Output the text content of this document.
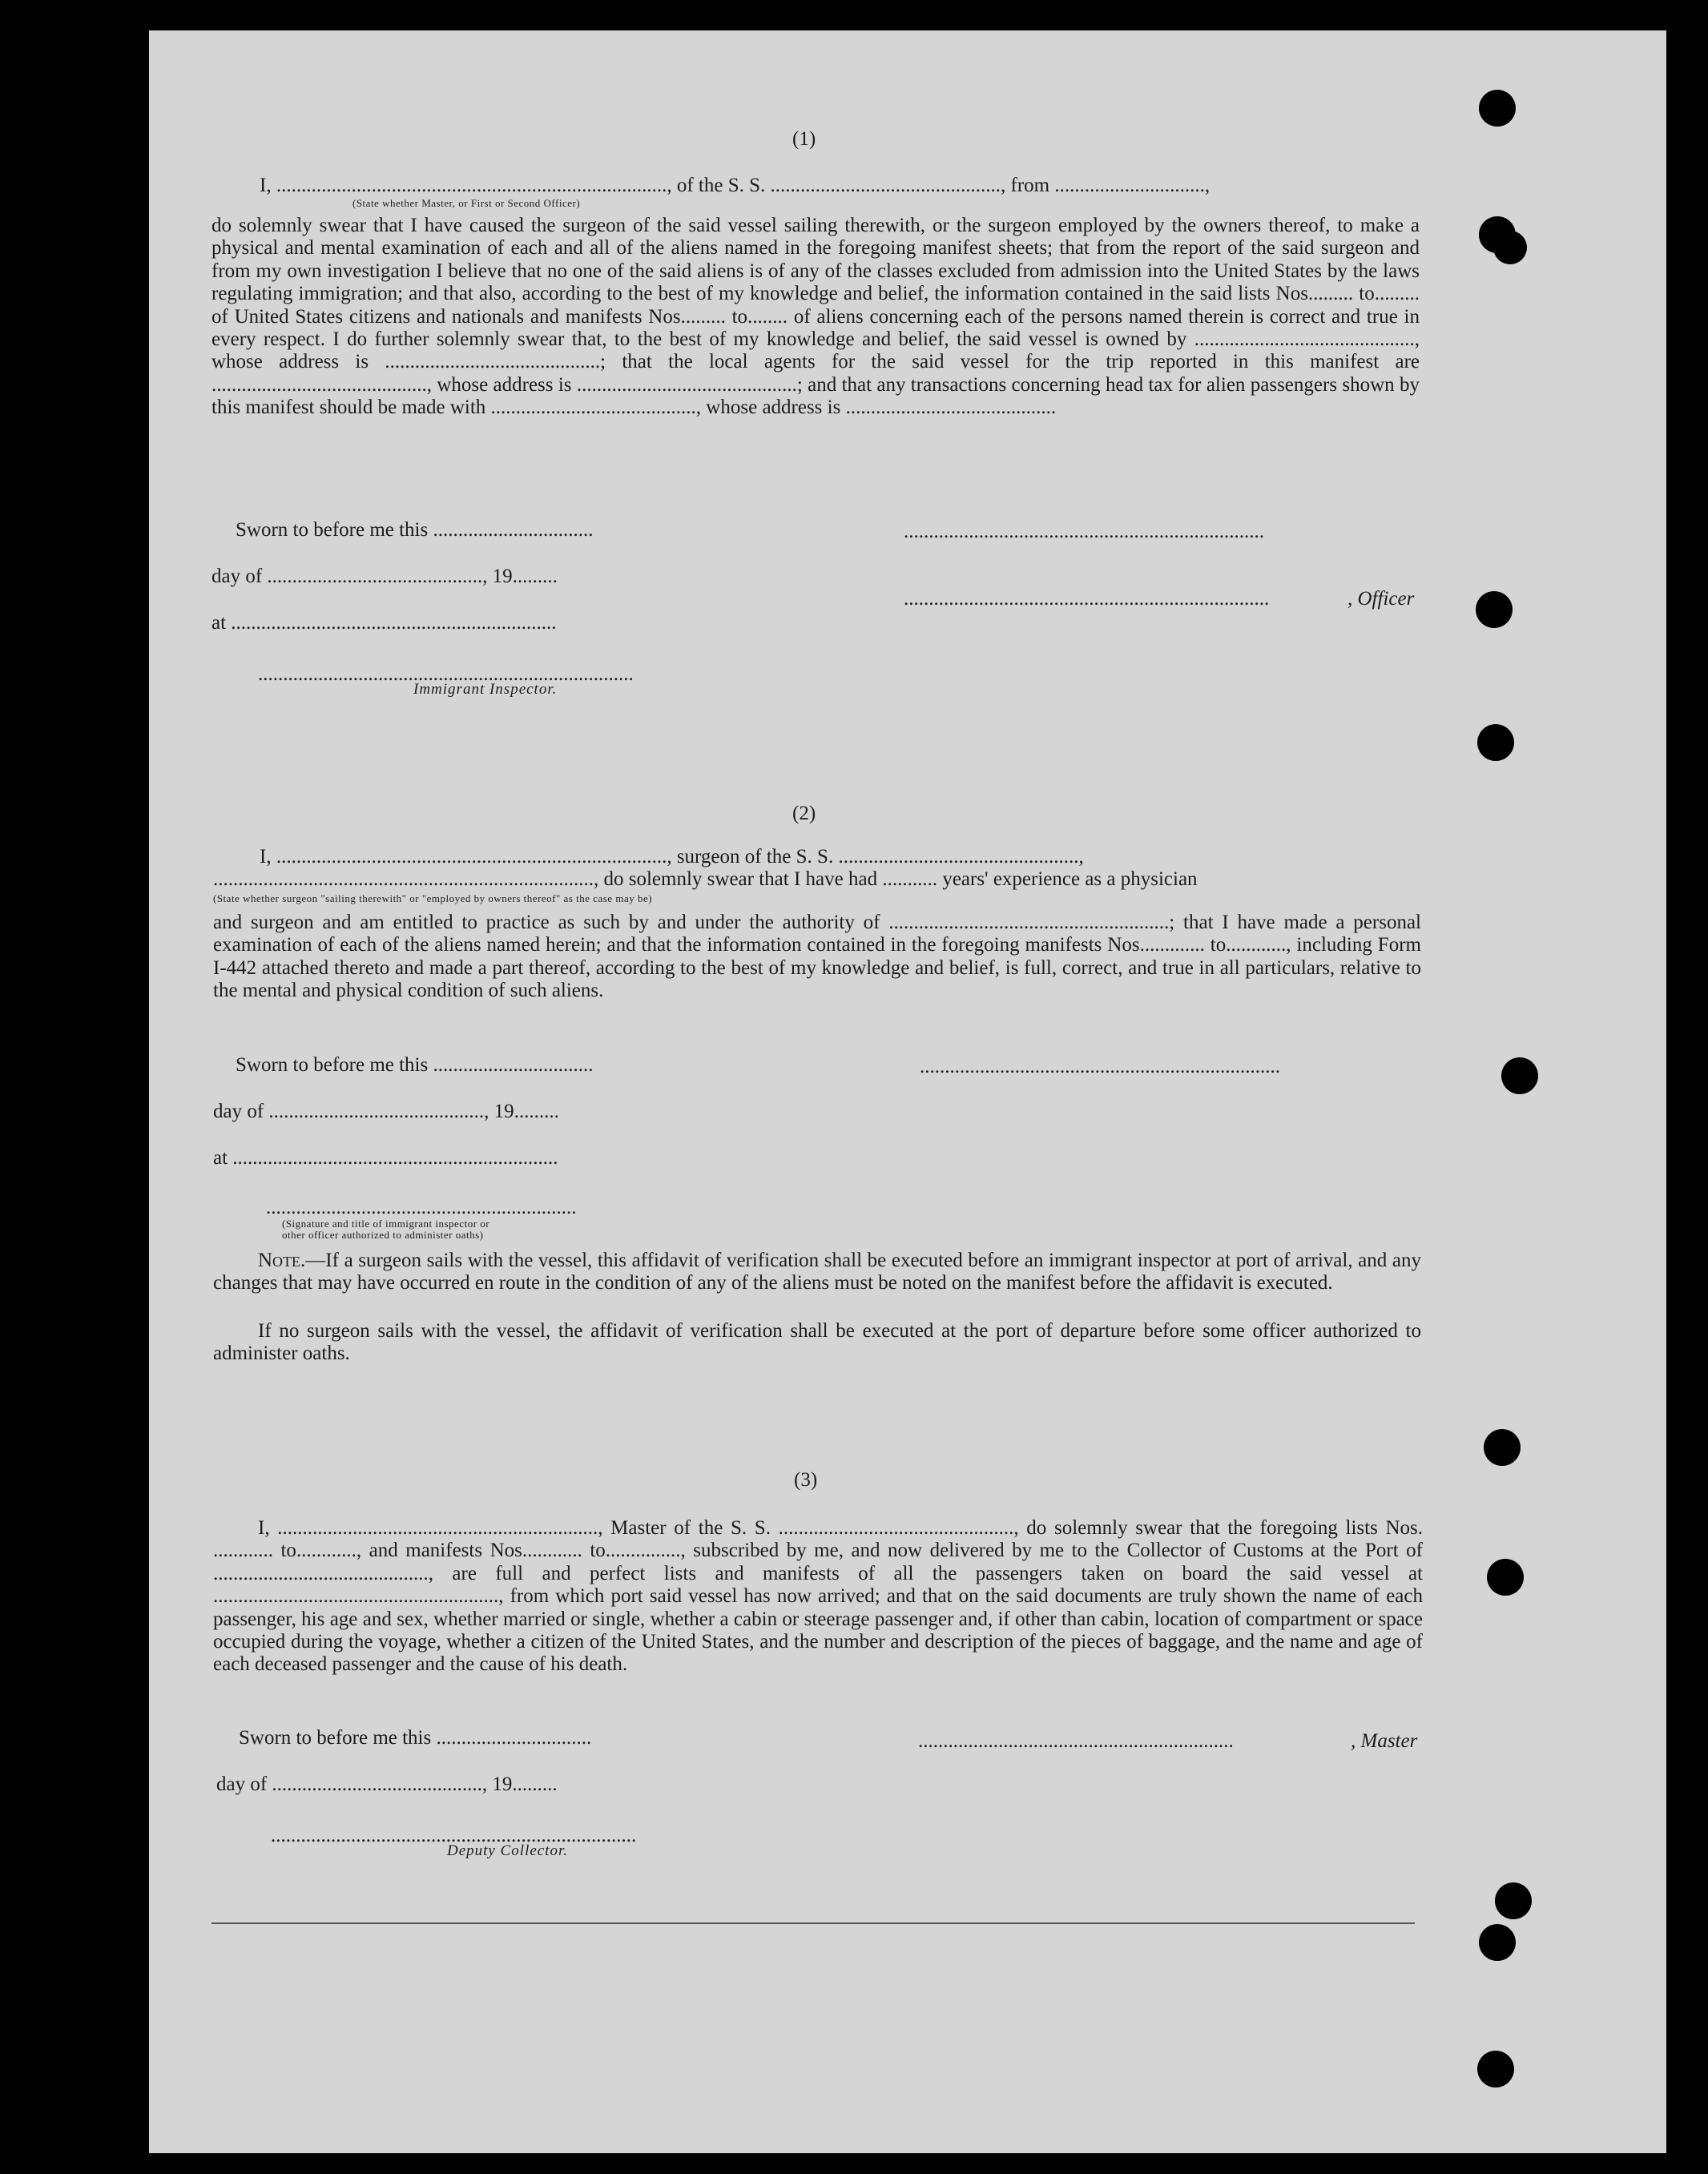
(1)
I, .............................................................................., of the S. S. .............................................., from ..............................,
(State whether Master, or First or Second Officer)

do solemnly swear that I have caused the surgeon of the said vessel sailing therewith, or the surgeon employed by the owners thereof, to make a physical and mental examination of each and all of the aliens named in the foregoing manifest sheets; that from the report of the said surgeon and from my own investigation I believe that no one of the said aliens is of any of the classes excluded from admission into the United States by the laws regulating immigration; and that also, according to the best of my knowledge and belief, the information contained in the said lists Nos......... to......... of United States citizens and nationals and manifests Nos......... to........ of aliens concerning each of the persons named therein is correct and true in every respect. I do further solemnly swear that, to the best of my knowledge and belief, the said vessel is owned by ............................................, whose address is ...........................................; that the local agents for the said vessel for the trip reported in this manifest are ..........................................., whose address is ............................................; and that any transactions concerning head tax for alien passengers shown by this manifest should be made with ........................................., whose address is ..........................................

Sworn to before me this ................................
day of ..........................................., 19.........
at .................................................................
...........................................................................
Immigrant Inspector.
........................................................................
.........................................................................	, Officer
(2)
I, .............................................................................., surgeon of the S. S. ................................................,
............................................................................, do solemnly swear that I have had ........... years' experience as a physician
(State whether surgeon "sailing therewith" or "employed by owners thereof" as the case may be)

and surgeon and am entitled to practice as such by and under the authority of ........................................................; that I have made a personal examination of each of the aliens named herein; and that the information contained in the foregoing manifests Nos............. to............, including Form I-442 attached thereto and made a part thereof, according to the best of my knowledge and belief, is full, correct, and true in all particulars, relative to the mental and physical condition of such aliens.

Sworn to before me this ................................
day of ..........................................., 19.........
at .................................................................
..............................................................
(Signature and title of immigrant inspector or
other officer authorized to administer oaths)
........................................................................

Note.—If a surgeon sails with the vessel, this affidavit of verification shall be executed before an immigrant inspector at port of arrival, and any changes that may have occurred en route in the condition of any of the aliens must be noted on the manifest before the affidavit is executed.

If no surgeon sails with the vessel, the affidavit of verification shall be executed at the port of departure before some officer authorized to administer oaths.

(3)

I, ................................................................, Master of the S. S. ..............................................., do solemnly swear that the foregoing lists Nos. ............ to............, and manifests Nos............ to..............., subscribed by me, and now delivered by me to the Collector of Customs at the Port of ..........................................., are full and perfect lists and manifests of all the passengers taken on board the said vessel at ........................................................., from which port said vessel has now arrived; and that on the said documents are truly shown the name of each passenger, his age and sex, whether married or single, whether a cabin or steerage passenger and, if other than cabin, location of compartment or space occupied during the voyage, whether a citizen of the United States, and the number and description of the pieces of baggage, and the name and age of each deceased passenger and the cause of his death.

Sworn to before me this ...............................
day of .........................................., 19.........
.........................................................................
Deputy Collector.
...............................................................	, Master
